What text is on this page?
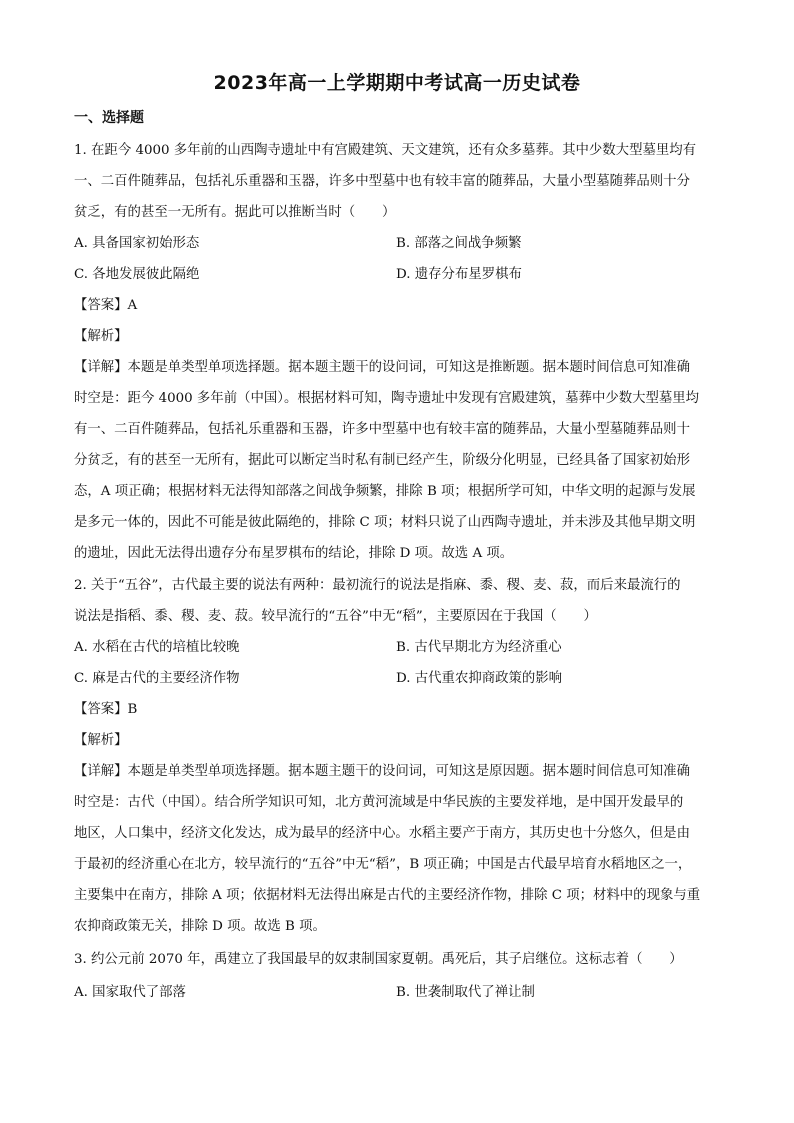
2023年高一上学期期中考试高一历史试卷
一、选择题
1. 在距今 4000 多年前的山西陶寺遗址中有宫殿建筑、天文建筑，还有众多墓葬。其中少数大型墓里均有
一、二百件随葬品，包括礼乐重器和玉器，许多中型墓中也有较丰富的随葬品，大量小型墓随葬品则十分
贫乏，有的甚至一无所有。据此可以推断当时（　　）
A. 具备国家初始形态	B. 部落之间战争频繁
C. 各地发展彼此隔绝	D. 遗存分布星罗棋布
【答案】A
【解析】
【详解】本题是单类型单项选择题。据本题主题干的设问词，可知这是推断题。据本题时间信息可知准确
时空是：距今 4000 多年前（中国）。根据材料可知，陶寺遗址中发现有宫殿建筑，墓葬中少数大型墓里均
有一、二百件随葬品，包括礼乐重器和玉器，许多中型墓中也有较丰富的随葬品，大量小型墓随葬品则十
分贫乏，有的甚至一无所有，据此可以断定当时私有制已经产生，阶级分化明显，已经具备了国家初始形
态，A 项正确；根据材料无法得知部落之间战争频繁，排除 B 项；根据所学可知，中华文明的起源与发展
是多元一体的，因此不可能是彼此隔绝的，排除 C 项；材料只说了山西陶寺遗址，并未涉及其他早期文明
的遗址，因此无法得出遗存分布星罗棋布的结论，排除 D 项。故选 A 项。
2. 关于“五谷”，古代最主要的说法有两种：最初流行的说法是指麻、黍、稷、麦、菽，而后来最流行的
说法是指稻、黍、稷、麦、菽。较早流行的“五谷”中无“稻”，主要原因在于我国（　　）
A. 水稻在古代的培植比较晚	B. 古代早期北方为经济重心
C. 麻是古代的主要经济作物	D. 古代重农抑商政策的影响
【答案】B
【解析】
【详解】本题是单类型单项选择题。据本题主题干的设问词，可知这是原因题。据本题时间信息可知准确
时空是：古代（中国）。结合所学知识可知，北方黄河流域是中华民族的主要发祥地，是中国开发最早的
地区，人口集中，经济文化发达，成为最早的经济中心。水稻主要产于南方，其历史也十分悠久，但是由
于最初的经济重心在北方，较早流行的“五谷”中无“稻”，B 项正确；中国是古代最早培育水稻地区之一，
主要集中在南方，排除 A 项；依据材料无法得出麻是古代的主要经济作物，排除 C 项；材料中的现象与重
农抑商政策无关，排除 D 项。故选 B 项。
3. 约公元前 2070 年，禹建立了我国最早的奴隶制国家夏朝。禹死后，其子启继位。这标志着（　　）
A. 国家取代了部落	B. 世袭制取代了禅让制
